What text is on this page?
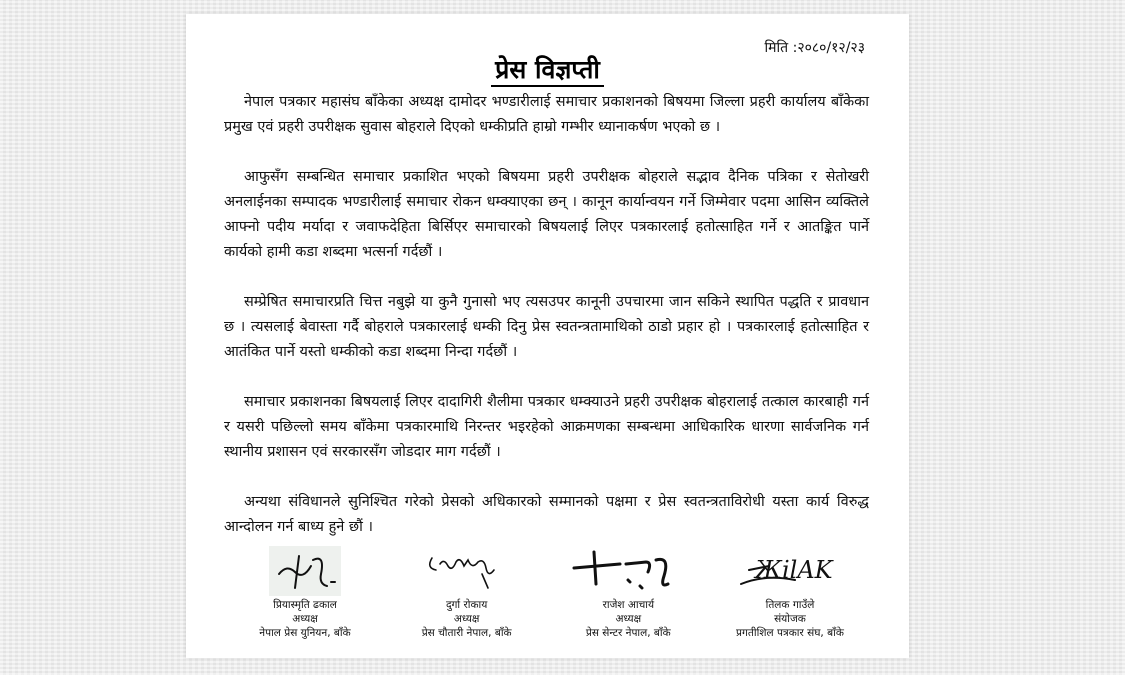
मिति :२०८०/१२/२३
प्रेस विज्ञप्ती

नेपाल पत्रकार महासंघ बाँकेका अध्यक्ष दामोदर भण्डारीलाई समाचार प्रकाशनको बिषयमा जिल्ला प्रहरी कार्यालय बाँकेका प्रमुख एवं प्रहरी उपरीक्षक सुवास बोहराले दिएको धम्कीप्रति हाम्रो गम्भीर ध्यानाकर्षण भएको छ ।

आफुसँग सम्बन्धित समाचार प्रकाशित भएको बिषयमा प्रहरी उपरीक्षक बोहराले सद्भाव दैनिक पत्रिका र सेतोखरी अनलाईनका सम्पादक भण्डारीलाई समाचार रोकन धम्क्याएका छन् । कानून कार्यान्वयन गर्ने जिम्मेवार पदमा आसिन व्यक्तिले आफ्नो पदीय मर्यादा र जवाफदेहिता बिर्सिएर समाचारको बिषयलाई लिएर पत्रकारलाई हतोत्साहित गर्ने र आतङ्कित पार्ने कार्यको हामी कडा शब्दमा भत्सर्ना गर्दछौं ।

सम्प्रेषित समाचारप्रति चित्त नबुझे या कुनै गुनासो भए त्यसउपर कानूनी उपचारमा जान सकिने स्थापित पद्धति र प्रावधान छ । त्यसलाई बेवास्ता गर्दै बोहराले पत्रकारलाई धम्की दिनु प्रेस स्वतन्त्रतामाथिको ठाडो प्रहार हो । पत्रकारलाई हतोत्साहित र आतंकित पार्ने यस्तो धम्कीको कडा शब्दमा निन्दा गर्दछौं ।

समाचार प्रकाशनका बिषयलाई लिएर दादागिरी शैलीमा पत्रकार धम्क्याउने प्रहरी उपरीक्षक बोहरालाई तत्काल कारबाही गर्न र यसरी पछिल्लो समय बाँकेमा पत्रकारमाथि निरन्तर भइरहेको आक्रमणका सम्बन्धमा आधिकारिक धारणा सार्वजनिक गर्न स्थानीय प्रशासन एवं सरकारसँग जोडदार माग गर्दछौं ।

अन्यथा संविधानले सुनिश्चित गरेको प्रेसको अधिकारको सम्मानको पक्षमा र प्रेस स्वतन्त्रताविरोधी यस्ता कार्य विरुद्ध आन्दोलन गर्न बाध्य हुने छौं ।

प्रियास्मृति ढकाल
अध्यक्ष
नेपाल प्रेस युनियन, बाँके
दुर्गा रोकाय
अध्यक्ष
प्रेस चौतारी नेपाल, बाँके
राजेश आचार्य
अध्यक्ष
प्रेस सेन्टर नेपाल, बाँके
ЖilAK
तिलक गाउँले
संयोजक
प्रगतीशिल पत्रकार संघ, बाँके
